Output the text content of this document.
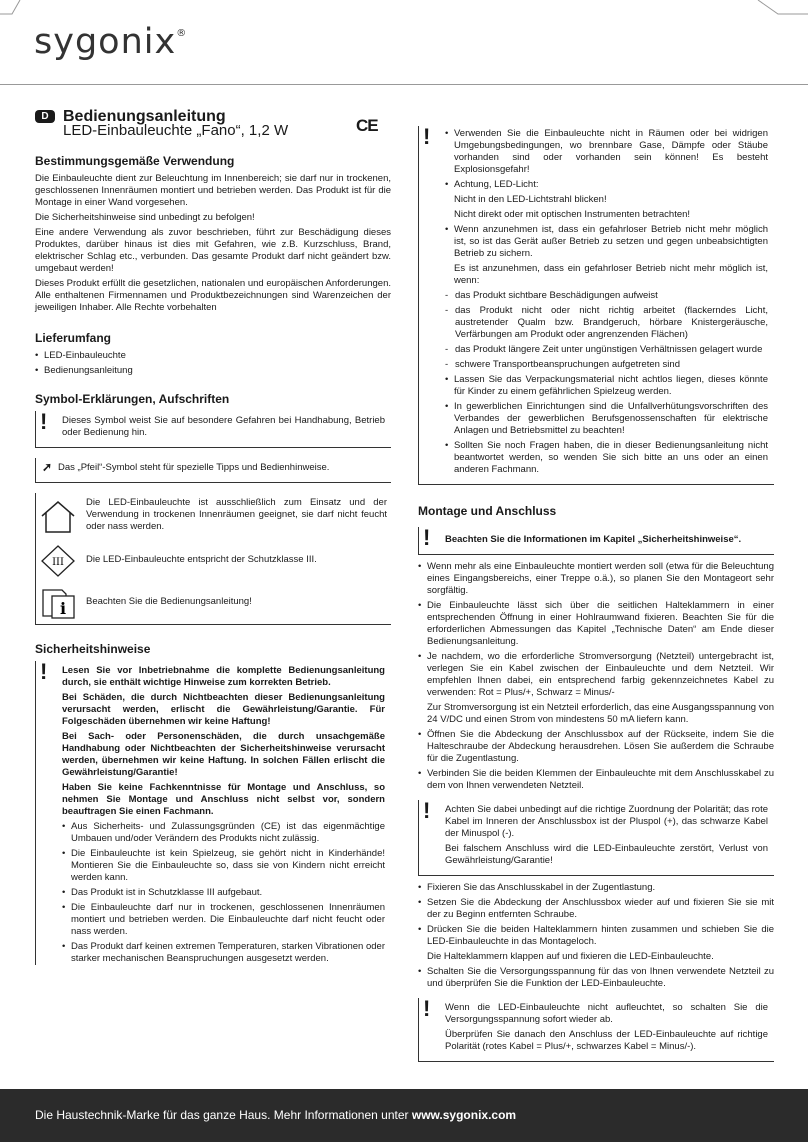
sygonix®
CE
D Bedienungsanleitung
LED-Einbauleuchte „Fano“, 1,2 W
Bestimmungsgemäße Verwendung

Die Einbauleuchte dient zur Beleuchtung im Innenbereich; sie darf nur in trockenen, geschlossenen Innenräumen montiert und betrieben werden. Das Produkt ist für die Montage in einer Wand vorgesehen.

Die Sicherheitshinweise sind unbedingt zu befolgen!

Eine andere Verwendung als zuvor beschrieben, führt zur Beschädigung dieses Produktes, darüber hinaus ist dies mit Gefahren, wie z.B. Kurzschluss, Brand, elektrischer Schlag etc., verbunden. Das gesamte Produkt darf nicht geändert bzw. umgebaut werden!

Dieses Produkt erfüllt die gesetzlichen, nationalen und europäischen Anforderungen. Alle enthaltenen Firmennamen und Produktbezeichnungen sind Warenzeichen der jeweiligen Inhaber. Alle Rechte vorbehalten

Lieferumfang
• LED-Einbauleuchte
• Bedienungsanleitung
Symbol-Erklärungen, Aufschriften
! Dieses Symbol weist Sie auf besondere Gefahren bei Handhabung, Betrieb oder Bedienung hin.

➚ Das „Pfeil“-Symbol steht für spezielle Tipps und Bedienhinweise.

Die LED-Einbauleuchte ist ausschließlich zum Einsatz und der Verwendung in trockenen Innenräumen geeignet, sie darf nicht feucht oder nass werden.

III Die LED-Einbauleuchte entspricht der Schutzklasse III.

i Beachten Sie die Bedienungsanleitung!

Sicherheitshinweise
! Lesen Sie vor Inbetriebnahme die komplette Bedienungsanleitung durch, sie enthält wichtige Hinweise zum korrekten Betrieb.

Bei Schäden, die durch Nichtbeachten dieser Bedienungsanleitung verursacht werden, erlischt die Gewährleistung/Garantie. Für Folgeschäden übernehmen wir keine Haftung!

Bei Sach- oder Personenschäden, die durch unsachgemäße Handhabung oder Nichtbeachten der Sicherheitshinweise verursacht werden, übernehmen wir keine Haftung. In solchen Fällen erlischt die Gewährleistung/Garantie!

Haben Sie keine Fachkenntnisse für Montage und Anschluss, so nehmen Sie Montage und Anschluss nicht selbst vor, sondern beauftragen Sie einen Fachmann.

• Aus Sicherheits- und Zulassungsgründen (CE) ist das eigenmächtige Umbauen und/oder Verändern des Produkts nicht zulässig.
• Die Einbauleuchte ist kein Spielzeug, sie gehört nicht in Kinderhände! Montieren Sie die Einbauleuchte so, dass sie von Kindern nicht erreicht werden kann.
• Das Produkt ist in Schutzklasse III aufgebaut.
• Die Einbauleuchte darf nur in trockenen, geschlossenen Innenräumen montiert und betrieben werden. Die Einbauleuchte darf nicht feucht oder nass werden.
• Das Produkt darf keinen extremen Temperaturen, starken Vibrationen oder starker mechanischen Beanspruchungen ausgesetzt werden.
!
•	Verwenden Sie die Einbauleuchte nicht in Räumen oder bei widrigen Umgebungsbedingungen, wo brennbare Gase, Dämpfe oder Stäube vorhanden sind oder vorhanden sein können! Es besteht Explosionsgefahr!
• Achtung, LED-Licht:

Nicht in den LED-Lichtstrahl blicken!

Nicht direkt oder mit optischen Instrumenten betrachten!

• Wenn anzunehmen ist, dass ein gefahrloser Betrieb nicht mehr möglich ist, so ist das Gerät außer Betrieb zu setzen und gegen unbeabsichtigten Betrieb zu sichern.

Es ist anzunehmen, dass ein gefahrloser Betrieb nicht mehr möglich ist, wenn:

- das Produkt sichtbare Beschädigungen aufweist
- das Produkt nicht oder nicht richtig arbeitet (flackerndes Licht, austretender Qualm bzw. Brandgeruch, hörbare Knistergeräusche, Verfärbungen am Produkt oder angrenzenden Flächen)
- das Produkt längere Zeit unter ungünstigen Verhältnissen gelagert wurde
- schwere Transportbeanspruchungen aufgetreten sind
• Lassen Sie das Verpackungsmaterial nicht achtlos liegen, dieses könnte für Kinder zu einem gefährlichen Spielzeug werden.
• In gewerblichen Einrichtungen sind die Unfallverhütungsvorschriften des Verbandes der gewerblichen Berufsgenossenschaften für elektrische Anlagen und Betriebsmittel zu beachten!
• Sollten Sie noch Fragen haben, die in dieser Bedienungsanleitung nicht beantwortet werden, so wenden Sie sich bitte an uns oder an einen anderen Fachmann.
Montage und Anschluss
! Beachten Sie die Informationen im Kapitel „Sicherheitshinweise“.

• Wenn mehr als eine Einbauleuchte montiert werden soll (etwa für die Beleuchtung eines Eingangsbereichs, einer Treppe o.ä.), so planen Sie den Montageort sehr sorgfältig.
• Die Einbauleuchte lässt sich über die seitlichen Halteklammern in einer entsprechenden Öffnung in einer Hohlraumwand fixieren. Beachten Sie für die erforderlichen Abmessungen das Kapitel „Technische Daten“ am Ende dieser Bedienungsanleitung.
• Je nachdem, wo die erforderliche Stromversorgung (Netzteil) untergebracht ist, verlegen Sie ein Kabel zwischen der Einbauleuchte und dem Netzteil. Wir empfehlen Ihnen dabei, ein entsprechend farbig gekennzeichnetes Kabel zu verwenden: Rot = Plus/+, Schwarz = Minus/-

Zur Stromversorgung ist ein Netzteil erforderlich, das eine Ausgangsspannung von 24 V/DC und einen Strom von mindestens 50 mA liefern kann.

• Öffnen Sie die Abdeckung der Anschlussbox auf der Rückseite, indem Sie die Halteschraube der Abdeckung herausdrehen. Lösen Sie außerdem die Schraube für die Zugentlastung.
• Verbinden Sie die beiden Klemmen der Einbauleuchte mit dem Anschlusskabel zu dem von Ihnen verwendeten Netzteil.
! Achten Sie dabei unbedingt auf die richtige Zuordnung der Polarität; das rote Kabel im Inneren der Anschlussbox ist der Pluspol (+), das schwarze Kabel der Minuspol (-).

Bei falschem Anschluss wird die LED-Einbauleuchte zerstört, Verlust von Gewährleistung/Garantie!

• Fixieren Sie das Anschlusskabel in der Zugentlastung.
• Setzen Sie die Abdeckung der Anschlussbox wieder auf und fixieren Sie sie mit der zu Beginn entfernten Schraube.
• Drücken Sie die beiden Halteklammern hinten zusammen und schieben Sie die LED-Einbauleuchte in das Montageloch.

Die Halteklammern klappen auf und fixieren die LED-Einbauleuchte.

• Schalten Sie die Versorgungsspannung für das von Ihnen verwendete Netzteil zu und überprüfen Sie die Funktion der LED-Einbauleuchte.
! Wenn die LED-Einbauleuchte nicht aufleuchtet, so schalten Sie die Versorgungsspannung sofort wieder ab.

Überprüfen Sie danach den Anschluss der LED-Einbauleuchte auf richtige Polarität (rotes Kabel = Plus/+, schwarzes Kabel = Minus/-).

Die Haustechnik-Marke für das ganze Haus. Mehr Informationen unter www.sygonix.com
